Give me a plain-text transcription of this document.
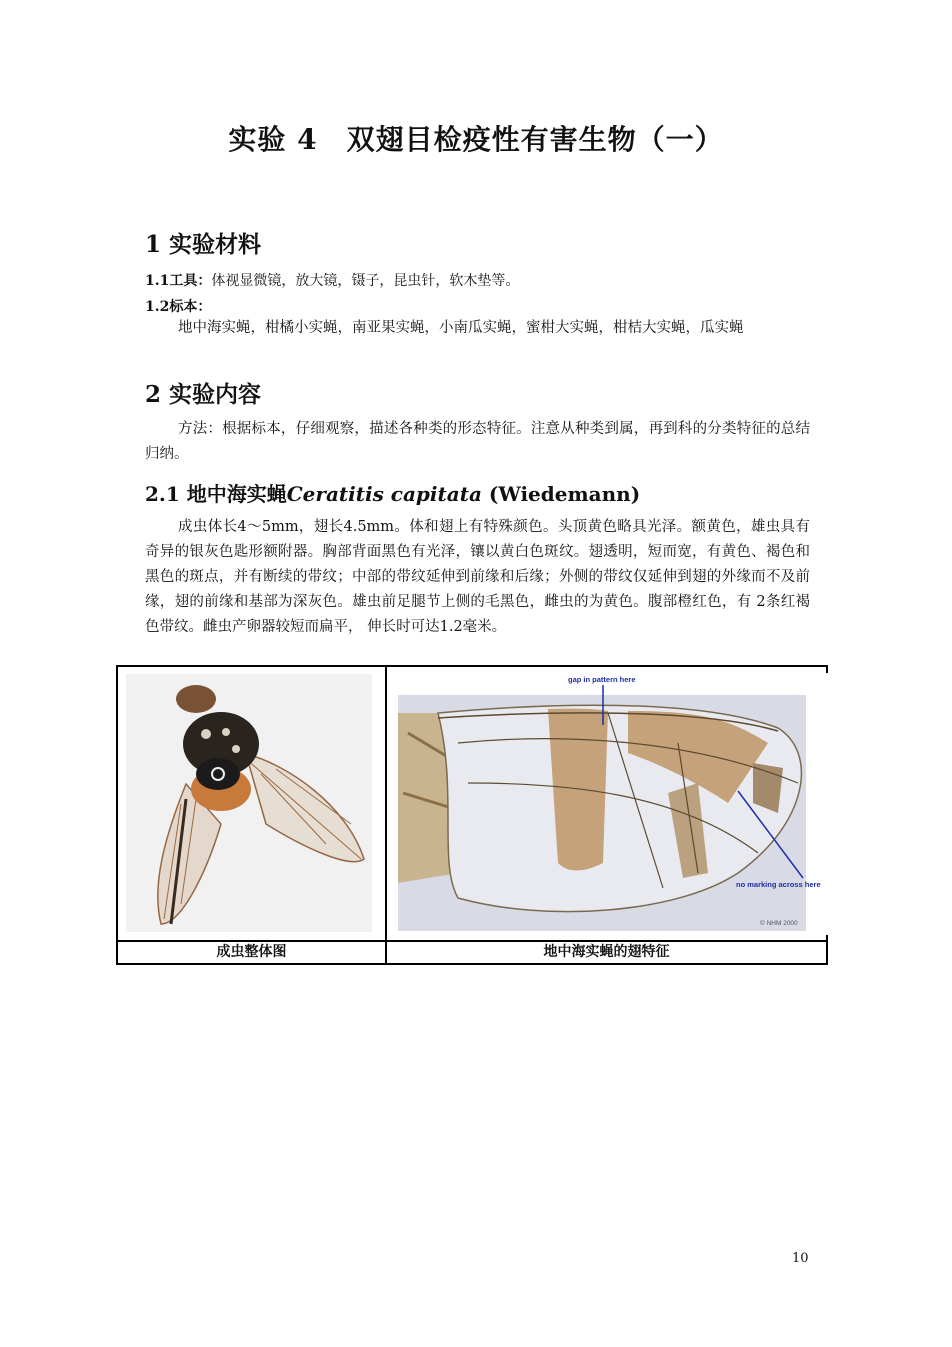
实验 4　双翅目检疫性有害生物（一）
1 实验材料

1.1工具：体视显微镜，放大镜，镊子，昆虫针，软木垫等。

1.2标本：

地中海实蝇，柑橘小实蝇，南亚果实蝇，小南瓜实蝇，蜜柑大实蝇，柑桔大实蝇，瓜实蝇

2 实验内容

方法：根据标本，仔细观察，描述各种类的形态特征。注意从种类到属，再到科的分类特征的总结归纳。

2.1 地中海实蝇Ceratitis capitata (Wiedemann)

成虫体长4～5mm，翅长4.5mm。体和翅上有特殊颜色。头顶黄色略具光泽。额黄色，雄虫具有奇异的银灰色匙形额附器。胸部背面黑色有光泽，镶以黄白色斑纹。翅透明，短而宽，有黄色、褐色和黑色的斑点，并有断续的带纹；中部的带纹延伸到前缘和后缘；外侧的带纹仅延伸到翅的外缘而不及前缘，翅的前缘和基部为深灰色。雄虫前足腿节上侧的毛黑色，雌虫的为黄色。腹部橙红色，有 2条红褐色带纹。雌虫产卵器较短而扁平， 伸长时可达1.2毫米。

gap in pattern here
no marking across here
© NHM 2000
成虫整体图	地中海实蝇的翅特征
10
